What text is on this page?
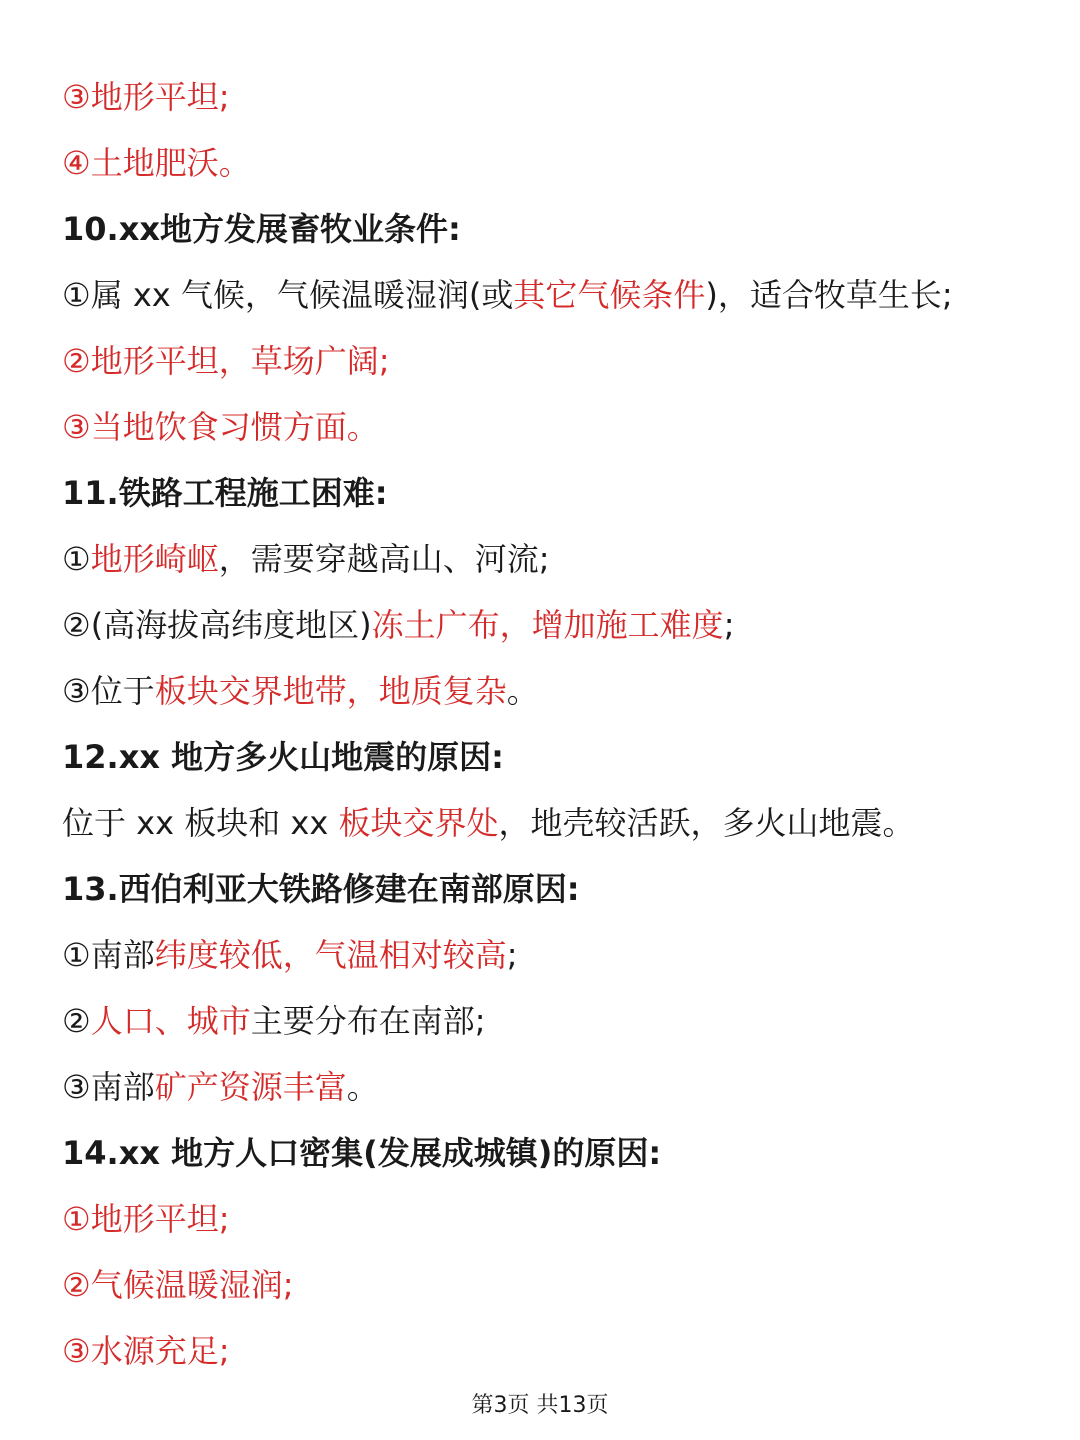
③地形平坦;
④土地肥沃。
10.xx地方发展畜牧业条件:
①属 xx 气候，气候温暖湿润(或其它气候条件)，适合牧草生长;
②地形平坦，草场广阔;
③当地饮食习惯方面。
11.铁路工程施工困难:
①地形崎岖，需要穿越高山、河流;
②(高海拔高纬度地区)冻土广布，增加施工难度;
③位于板块交界地带，地质复杂。
12.xx 地方多火山地震的原因:
位于 xx 板块和 xx 板块交界处，地壳较活跃，多火山地震。
13.西伯利亚大铁路修建在南部原因:
①南部纬度较低，气温相对较高;
②人口、城市主要分布在南部;
③南部矿产资源丰富。
14.xx 地方人口密集(发展成城镇)的原因:
①地形平坦;
②气候温暖湿润;
③水源充足;
第3页 共13页
